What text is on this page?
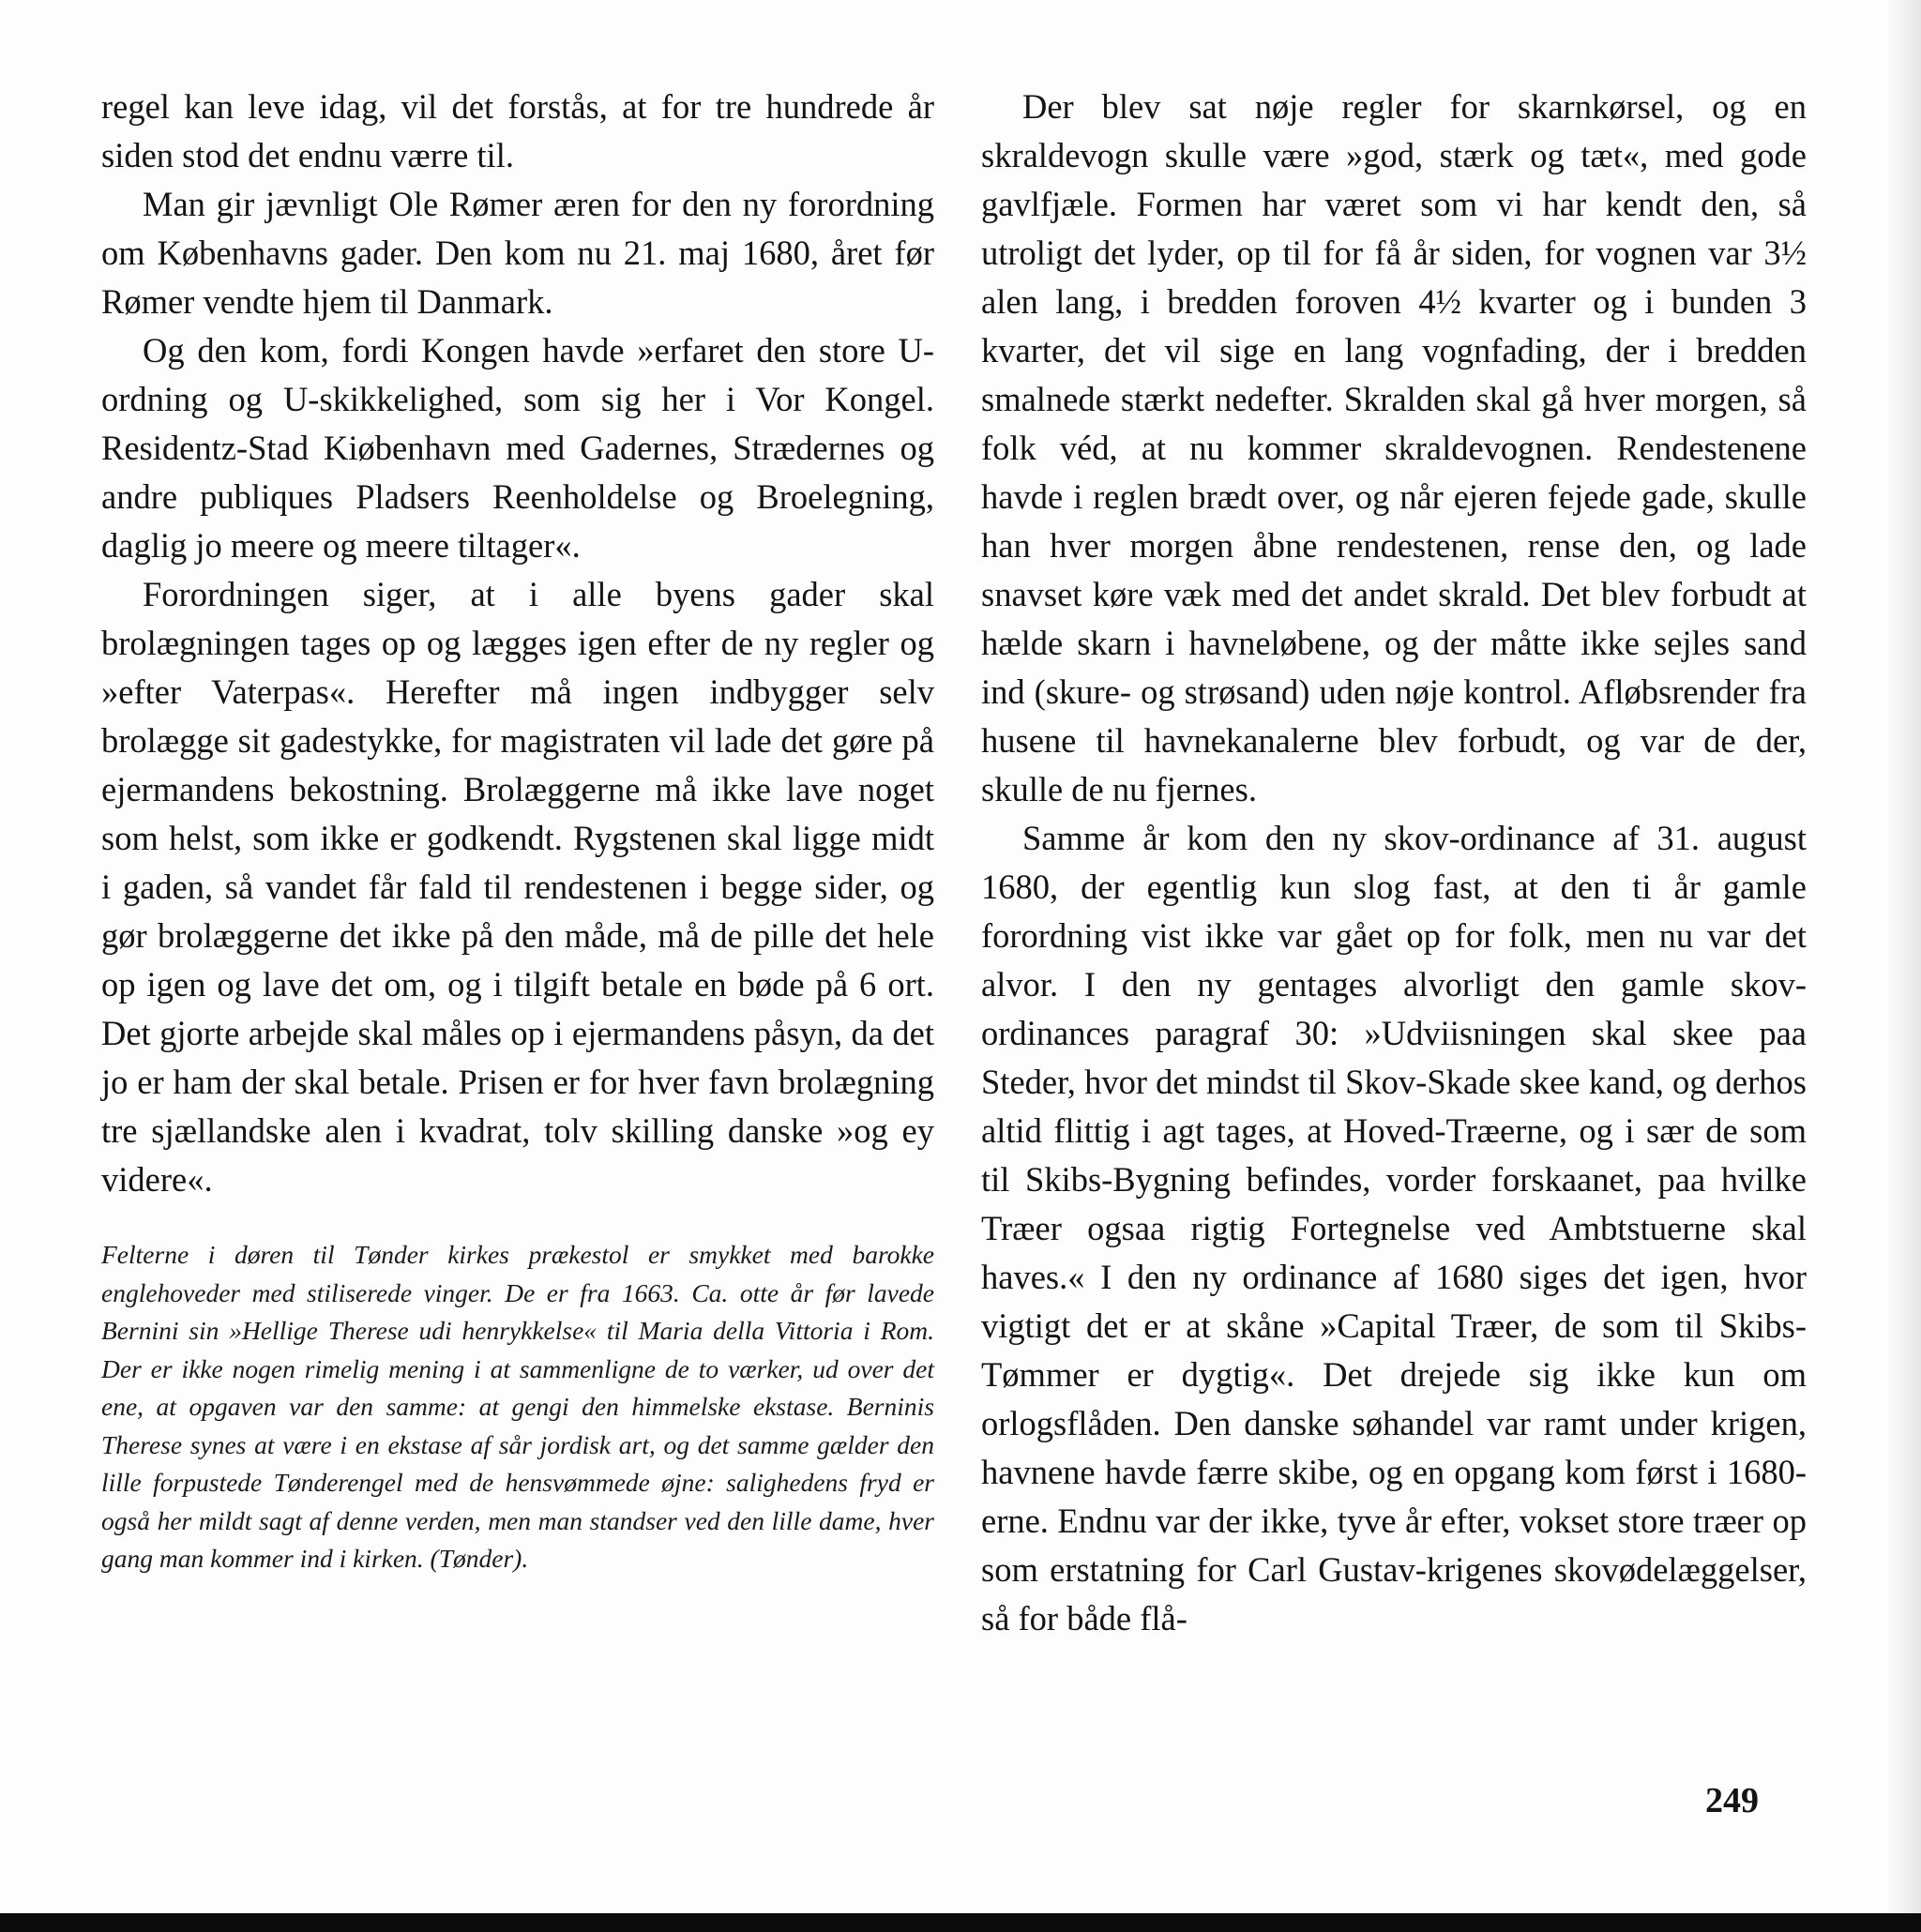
regel kan leve idag, vil det forstås, at for tre hundrede år siden stod det endnu værre til.

Man gir jævnligt Ole Rømer æren for den ny forordning om Københavns gader. Den kom nu 21. maj 1680, året før Rømer vendte hjem til Danmark.

Og den kom, fordi Kongen havde »erfaret den store U-ordning og U-skikkelighed, som sig her i Vor Kongel. Residentz-Stad Kiøbenhavn med Gadernes, Strædernes og andre publiques Pladsers Reenholdelse og Broelegning, daglig jo meere og meere tiltager«.

Forordningen siger, at i alle byens gader skal brolægningen tages op og lægges igen efter de ny regler og »efter Vaterpas«. Herefter må ingen indbygger selv brolægge sit gadestykke, for magistraten vil lade det gøre på ejermandens bekostning. Brolæggerne må ikke lave noget som helst, som ikke er godkendt. Rygstenen skal ligge midt i gaden, så vandet får fald til rendestenen i begge sider, og gør brolæggerne det ikke på den måde, må de pille det hele op igen og lave det om, og i tilgift betale en bøde på 6 ort. Det gjorte arbejde skal måles op i ejermandens påsyn, da det jo er ham der skal betale. Prisen er for hver favn brolægning tre sjællandske alen i kvadrat, tolv skilling danske »og ey videre«.

Felterne i døren til Tønder kirkes prækestol er smykket med barokke englehoveder med stiliserede vinger. De er fra 1663. Ca. otte år før lavede Bernini sin »Hellige Therese udi henrykkelse« til Maria della Vittoria i Rom. Der er ikke nogen rimelig mening i at sammenligne de to værker, ud over det ene, at opgaven var den samme: at gengi den himmelske ekstase. Berninis Therese synes at være i en ekstase af sår jordisk art, og det samme gælder den lille forpustede Tønderengel med de hensvømmede øjne: salighedens fryd er også her mildt sagt af denne verden, men man standser ved den lille dame, hver gang man kommer ind i kirken. (Tønder).

Der blev sat nøje regler for skarnkørsel, og en skraldevogn skulle være »god, stærk og tæt«, med gode gavlfjæle. Formen har været som vi har kendt den, så utroligt det lyder, op til for få år siden, for vognen var 3½ alen lang, i bredden foroven 4½ kvarter og i bunden 3 kvarter, det vil sige en lang vognfading, der i bredden smalnede stærkt nedefter. Skralden skal gå hver morgen, så folk véd, at nu kommer skraldevognen. Rendestenene havde i reglen brædt over, og når ejeren fejede gade, skulle han hver morgen åbne rendestenen, rense den, og lade snavset køre væk med det andet skrald. Det blev forbudt at hælde skarn i havneløbene, og der måtte ikke sejles sand ind (skure- og strøsand) uden nøje kontrol. Afløbsrender fra husene til havnekanalerne blev forbudt, og var de der, skulle de nu fjernes.

Samme år kom den ny skov-ordinance af 31. august 1680, der egentlig kun slog fast, at den ti år gamle forordning vist ikke var gået op for folk, men nu var det alvor. I den ny gentages alvorligt den gamle skov-ordinances paragraf 30: »Udviisningen skal skee paa Steder, hvor det mindst til Skov-Skade skee kand, og derhos altid flittig i agt tages, at Hoved-Træerne, og i sær de som til Skibs-Bygning befindes, vorder forskaanet, paa hvilke Træer ogsaa rigtig Fortegnelse ved Ambtstuerne skal haves.« I den ny ordinance af 1680 siges det igen, hvor vigtigt det er at skåne »Capital Træer, de som til Skibs-Tømmer er dygtig«. Det drejede sig ikke kun om orlogsflåden. Den danske søhandel var ramt under krigen, havnene havde færre skibe, og en opgang kom først i 1680-erne. Endnu var der ikke, tyve år efter, vokset store træer op som erstatning for Carl Gustav-krigenes skovødelæggelser, så for både flå-

249
